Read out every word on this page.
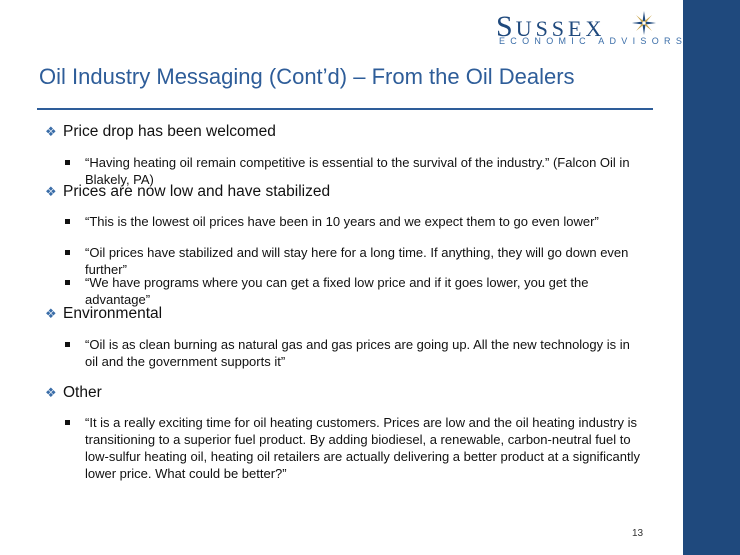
SUSSEX
ECONOMIC ADVISORS
Oil Industry Messaging (Cont’d) – From the Oil Dealers
❖ Price drop has been welcomed
“Having heating oil remain competitive is essential to the survival of the industry.” (Falcon Oil in Blakely, PA)
❖ Prices are now low and have stabilized
“This is the lowest oil prices have been in 10 years and we expect them to go even lower”
“Oil prices have stabilized and will stay here for a long time. If anything, they will go down even further”
“We have programs where you can get a fixed low price and if it goes lower, you get the advantage”
❖ Environmental
“Oil is as clean burning as natural gas and gas prices are going up. All the new technology is in oil and the government supports it”
❖ Other
“It is a really exciting time for oil heating customers. Prices are low and the oil heating industry is transitioning to a superior fuel product. By adding biodiesel, a renewable, carbon-neutral fuel to low-sulfur heating oil, heating oil retailers are actually delivering a better product at a significantly lower price. What could be better?”
13
